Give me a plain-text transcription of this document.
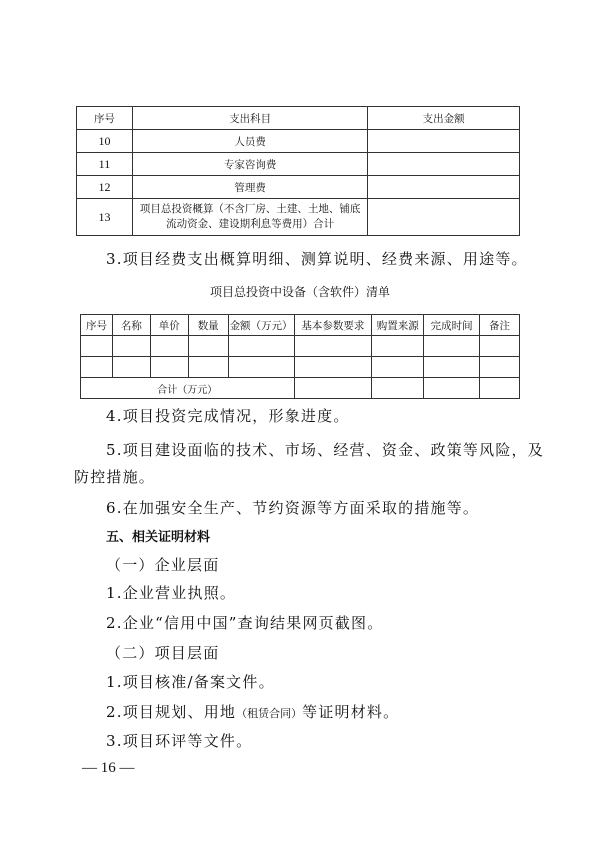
序号	支出科目	支出金额
10	人员费	
11	专家咨询费	
12	管理费	
13	项目总投资概算（不含厂房、土建、土地、铺底
流动资金、建设期利息等费用）合计	

3.项目经费支出概算明细、测算说明、经费来源、用途等。
项目总投资中设备（含软件）清单
序号	名称	单价	数量	金额（万元）	基本参数要求	购置来源	完成时间	备注

合计（万元）								
4.项目投资完成情况，形象进度。
5.项目建设面临的技术、市场、经营、资金、政策等风险，及
防控措施。
6.在加强安全生产、节约资源等方面采取的措施等。
五、相关证明材料
（一）企业层面
1.企业营业执照。
2.企业“信用中国”查询结果网页截图。
（二）项目层面
1.项目核准/备案文件。
2.项目规划、用地（租赁合同）等证明材料。
3.项目环评等文件。
— 16 —
